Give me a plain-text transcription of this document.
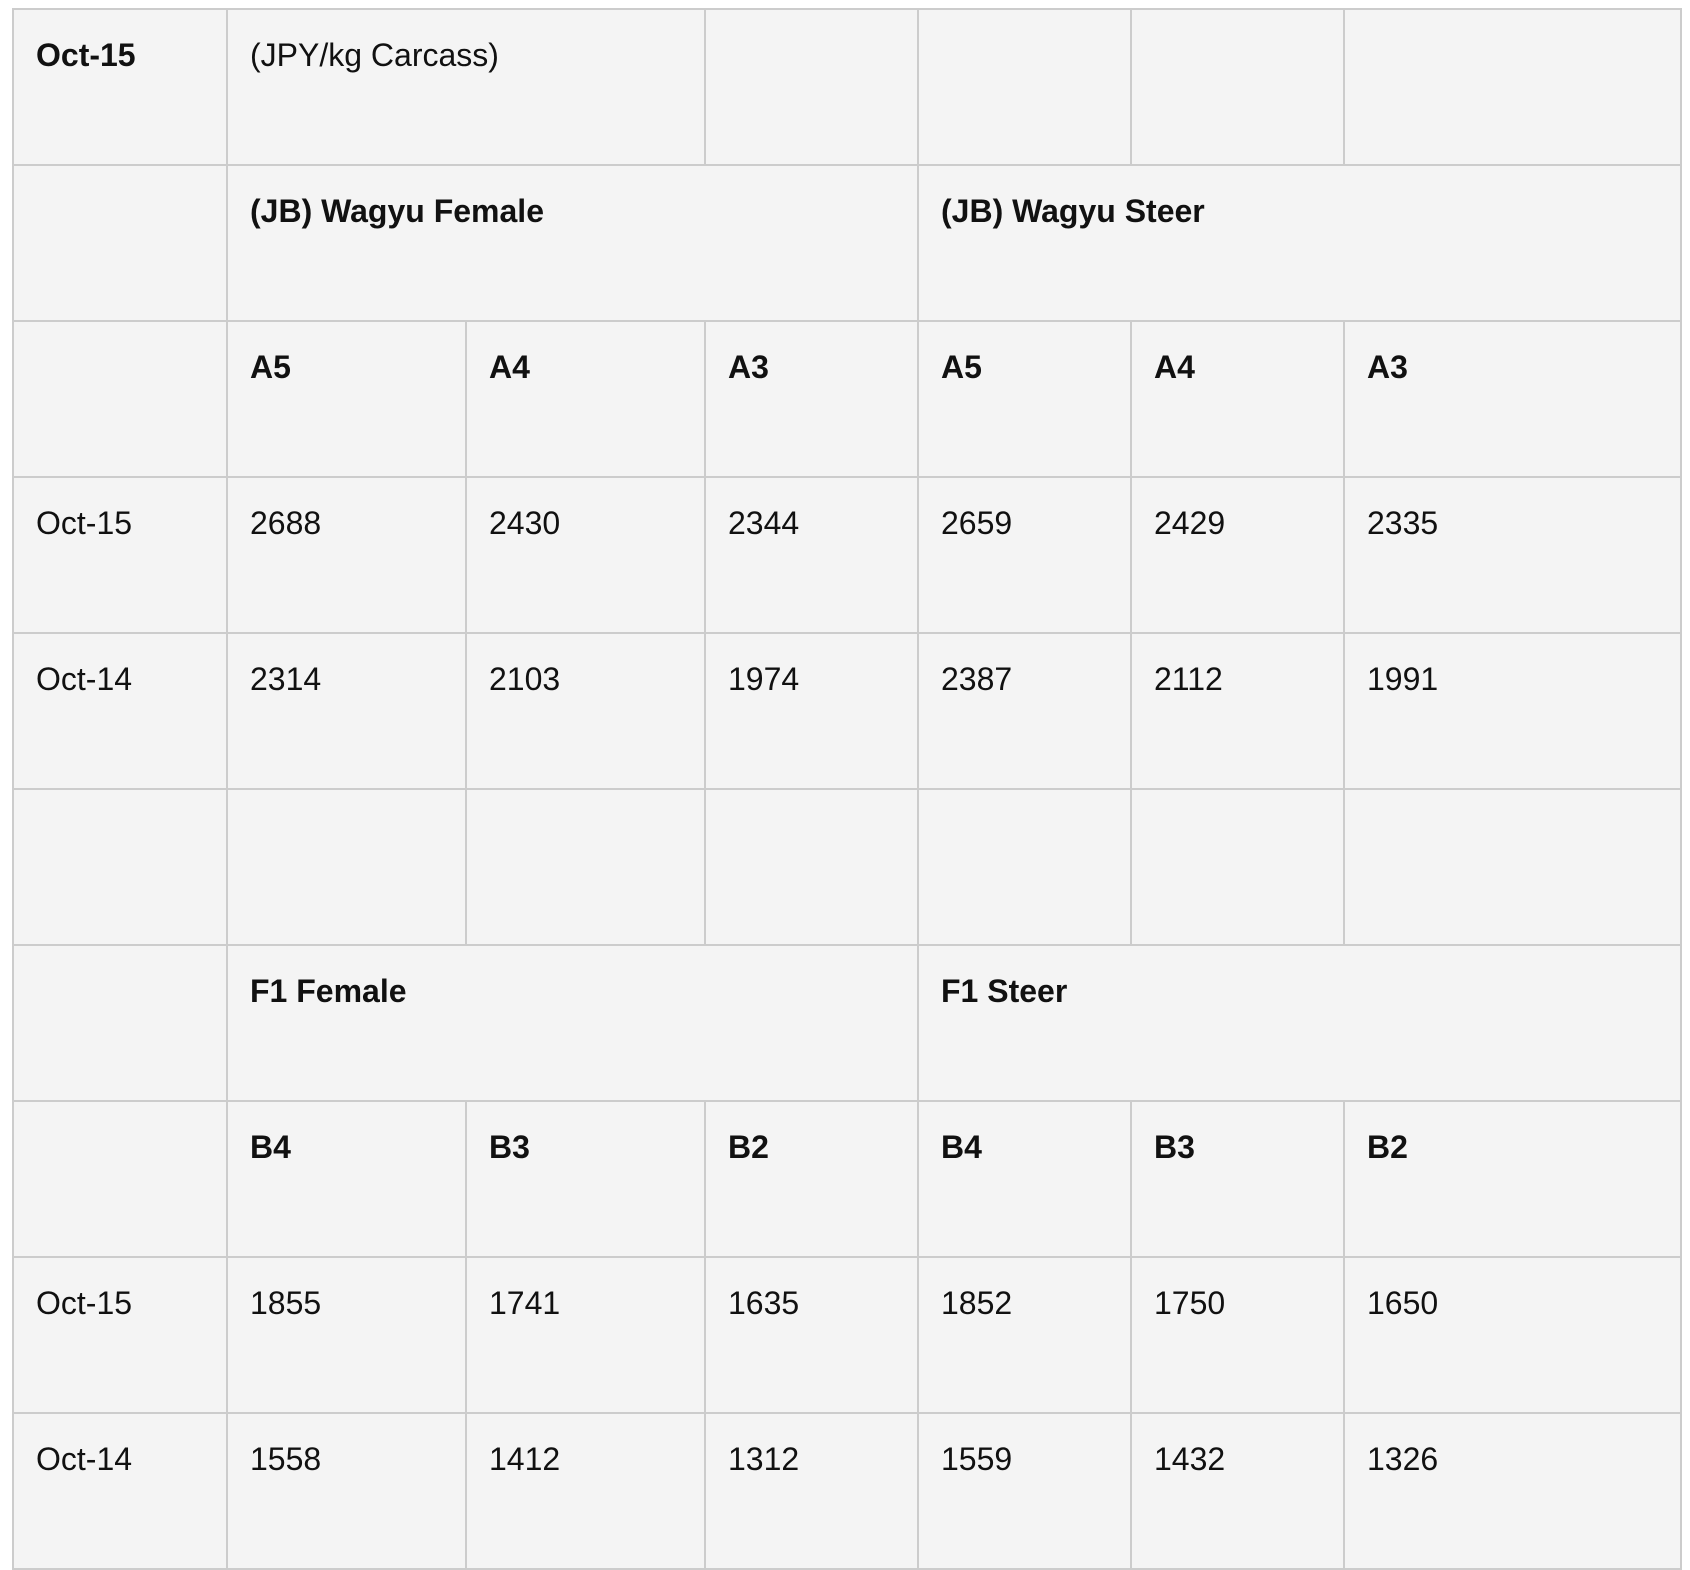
Oct-15	(JPY/kg Carcass)					
	(JB) Wagyu Female			(JB) Wagyu Steer		
	A5	A4	A3	A5	A4	A3
Oct-15	2688	2430	2344	2659	2429	2335
Oct-14	2314	2103	1974	2387	2112	1991

	F1 Female			F1 Steer		
	B4	B3	B2	B4	B3	B2
Oct-15	1855	1741	1635	1852	1750	1650
Oct-14	1558	1412	1312	1559	1432	1326
